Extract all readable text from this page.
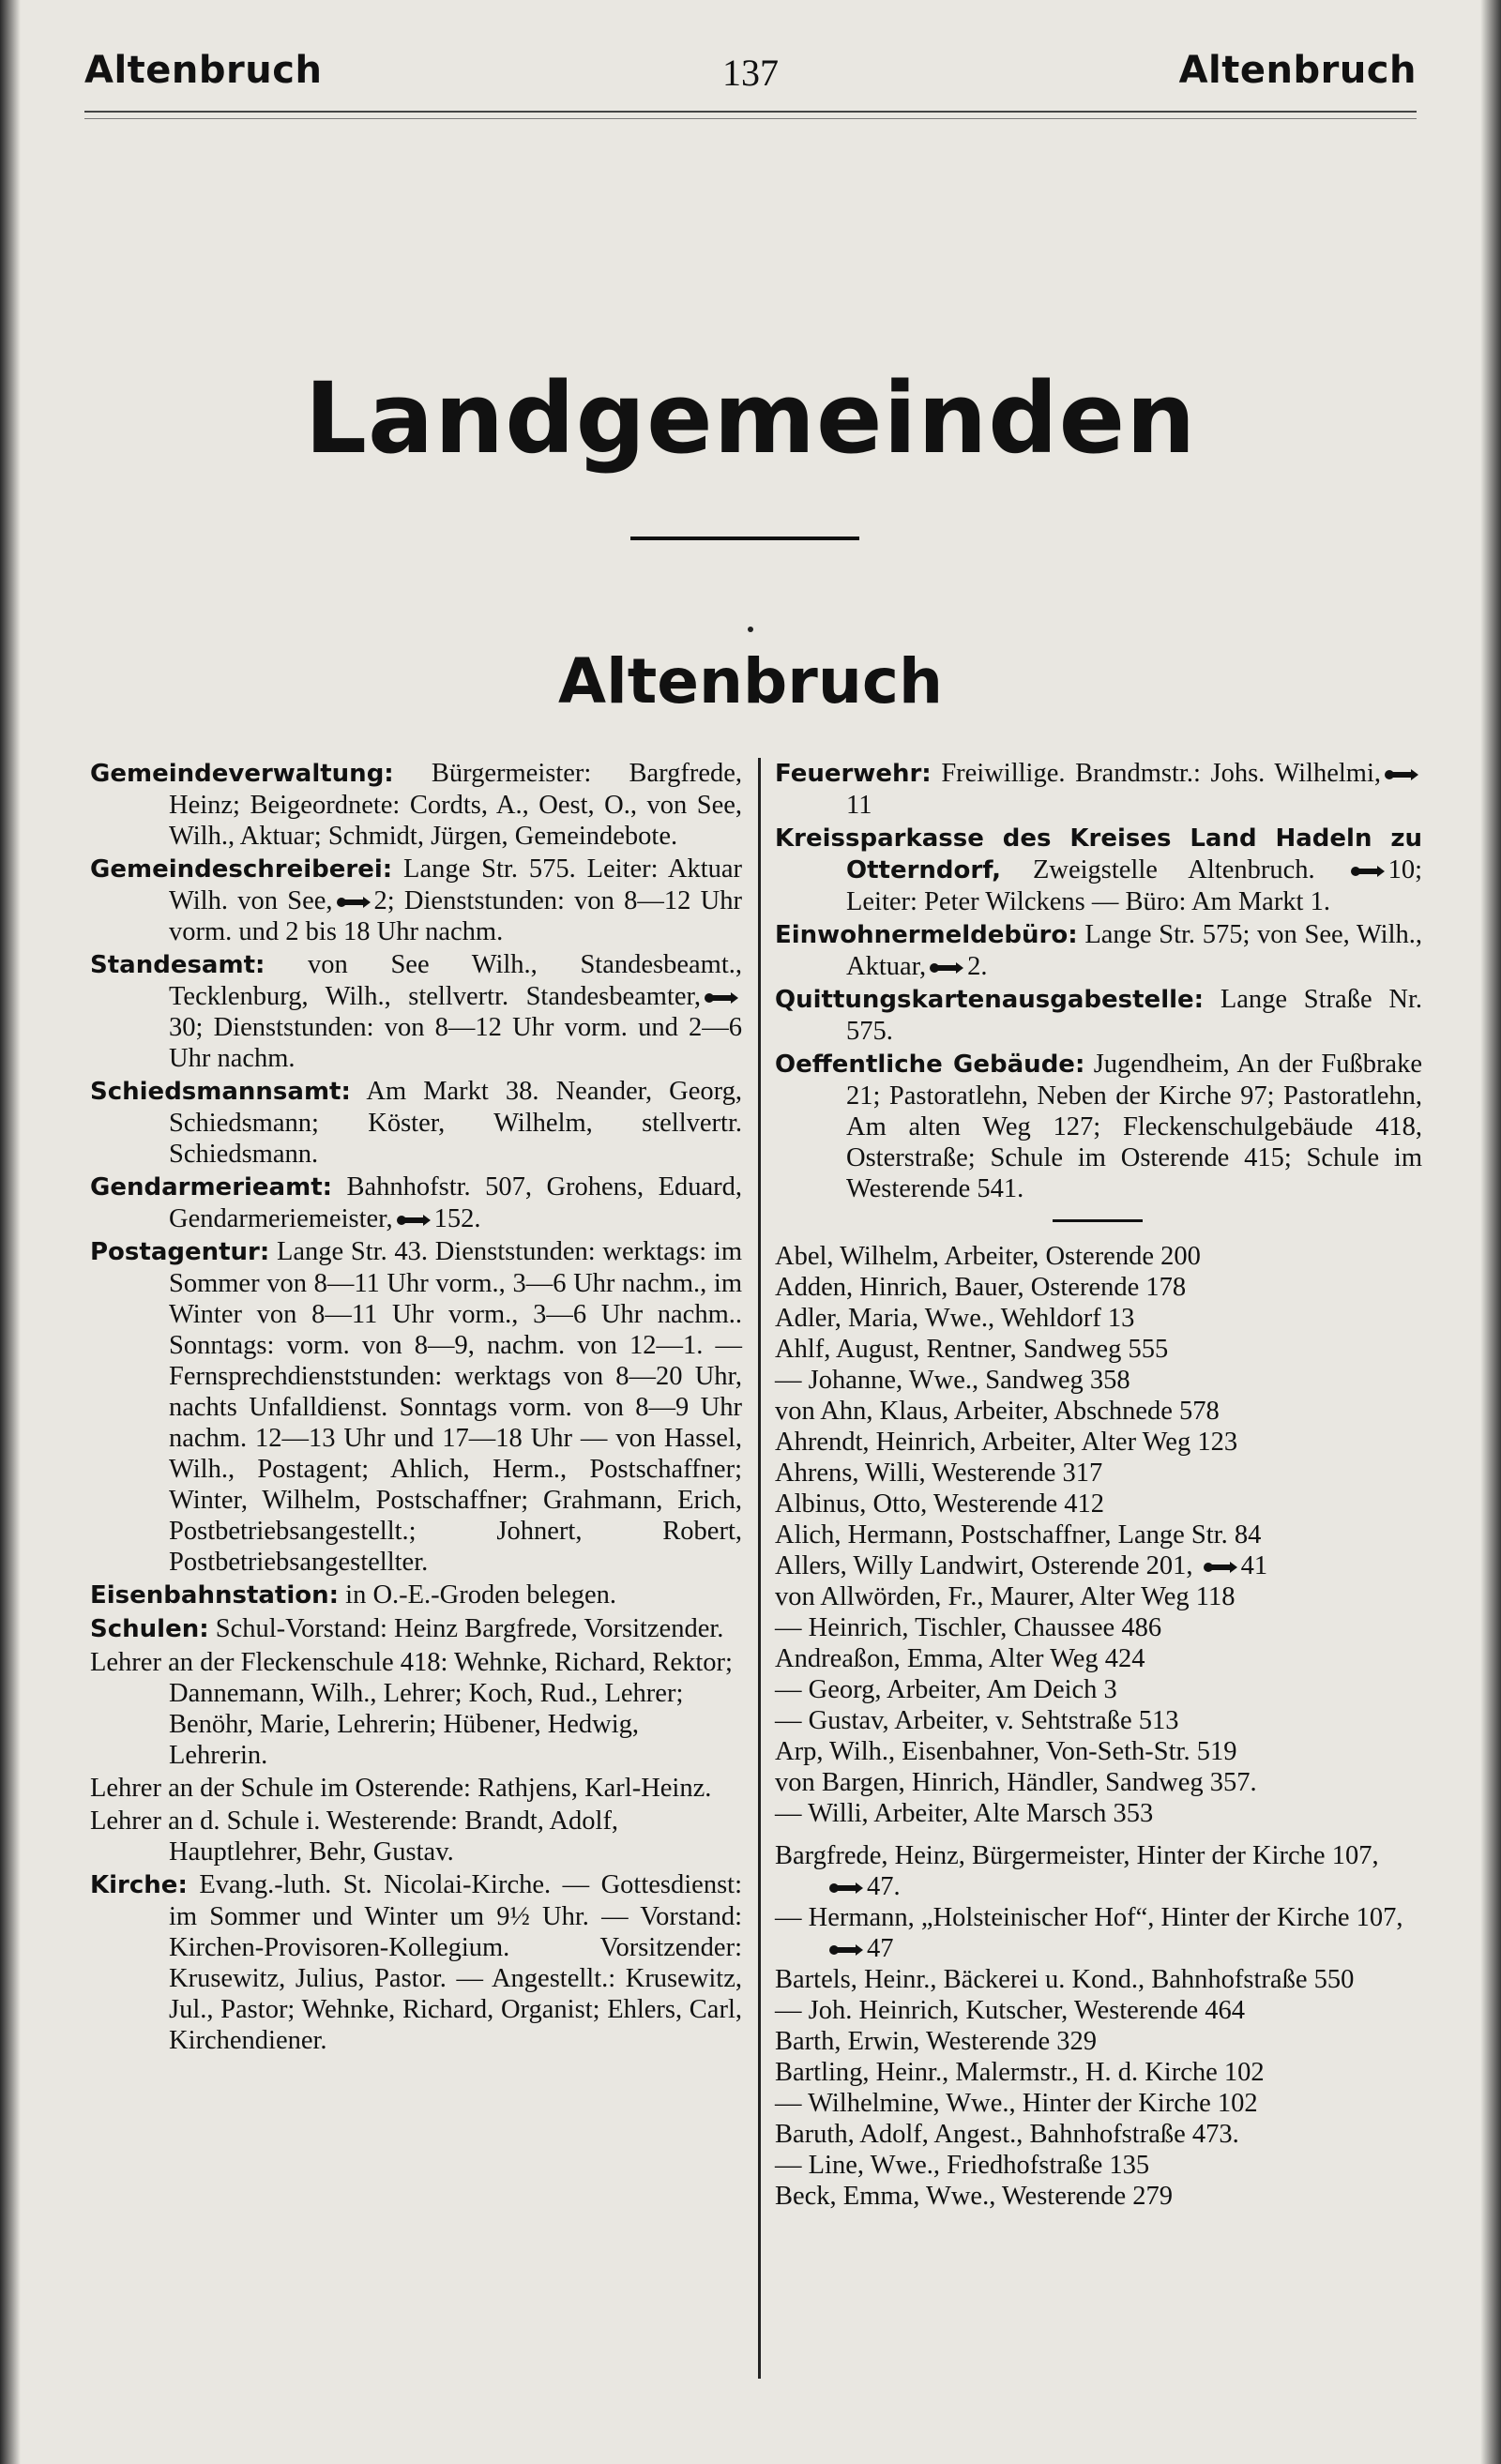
Altenbruch	137	Altenbruch
Landgemeinden
Altenbruch

Gemeindeverwaltung: Bürgermeister: Bargfrede, Heinz; Beigeordnete: Cordts, A., Oest, O., von See, Wilh., Aktuar; Schmidt, Jürgen, Gemeindebote.

Gemeindeschreiberei: Lange Str. 575. Leiter: Aktuar Wilh. von See, 2; Dienststunden: von 8—12 Uhr vorm. und 2 bis 18 Uhr nachm.

Standesamt: von See Wilh., Standesbeamt., Tecklenburg, Wilh., stellvertr. Standesbeamter,30; Dienststunden: von 8—12 Uhr vorm. und 2—6 Uhr nachm.

Schiedsmannsamt: Am Markt 38. Neander, Georg, Schiedsmann; Köster, Wilhelm, stellvertr. Schiedsmann.

Gendarmerieamt: Bahnhofstr. 507, Grohens, Eduard, Gendarmeriemeister, 152.

Postagentur: Lange Str. 43. Dienststunden: werktags: im Sommer von 8—11 Uhr vorm., 3—6 Uhr nachm., im Winter von 8—11 Uhr vorm., 3—6 Uhr nachm.. Sonntags: vorm. von 8—9, nachm. von 12—1. — Fernsprechdienststunden: werktags von 8—20 Uhr, nachts Unfalldienst. Sonntags vorm. von 8—9 Uhr nachm. 12—13 Uhr und 17—18 Uhr — von Hassel, Wilh., Postagent; Ahlich, Herm., Postschaffner; Winter, Wilhelm, Postschaffner; Grahmann, Erich, Postbetriebsangestellt.; Johnert, Robert, Postbetriebsangestellter.

Eisenbahnstation: in O.-E.-Groden belegen.

Schulen: Schul-Vorstand: Heinz Bargfrede, Vorsitzender.

Lehrer an der Fleckenschule 418: Wehnke, Richard, Rektor; Dannemann, Wilh., Lehrer; Koch, Rud., Lehrer; Benöhr, Marie, Lehrerin; Hübener, Hedwig, Lehrerin.

Lehrer an der Schule im Osterende: Rathjens, Karl-Heinz.

Lehrer an d. Schule i. Westerende: Brandt, Adolf, Hauptlehrer, Behr, Gustav.

Kirche: Evang.-luth. St. Nicolai-Kirche. — Gottesdienst: im Sommer und Winter um 9½ Uhr. — Vorstand: Kirchen-Provisoren-Kollegium. Vorsitzender: Krusewitz, Julius, Pastor. — Angestellt.: Krusewitz, Jul., Pastor; Wehnke, Richard, Organist; Ehlers, Carl, Kirchendiener.

Feuerwehr: Freiwillige. Brandmstr.: Johs. Wilhelmi,11

Kreissparkasse des Kreises Land Hadeln zu Otterndorf, Zweigstelle Altenbruch.	10; Leiter: Peter Wilckens — Büro: Am Markt 1.

Einwohnermeldebüro: Lange Str. 575; von See, Wilh., Aktuar, 2.

Quittungskartenausgabestelle: Lange Straße Nr. 575.

Oeffentliche Gebäude: Jugendheim, An der Fußbrake 21; Pastoratlehn, Neben der Kirche 97; Pastoratlehn, Am alten Weg 127; Fleckenschulgebäude 418, Osterstraße; Schule im Osterende 415; Schule im Westerende 541.

Abel, Wilhelm, Arbeiter, Osterende 200

Adden, Hinrich, Bauer, Osterende 178

Adler, Maria, Wwe., Wehldorf 13

Ahlf, August, Rentner, Sandweg 555

— Johanne, Wwe., Sandweg 358

von Ahn, Klaus, Arbeiter, Abschnede 578

Ahrendt, Heinrich, Arbeiter, Alter Weg 123

Ahrens, Willi, Westerende 317

Albinus, Otto, Westerende 412

Alich, Hermann, Postschaffner, Lange Str. 84

Allers, Willy Landwirt, Osterende 201, 41

von Allwörden, Fr., Maurer, Alter Weg 118

— Heinrich, Tischler, Chaussee 486

Andreaßon, Emma, Alter Weg 424

— Georg, Arbeiter, Am Deich 3

— Gustav, Arbeiter, v. Sehtstraße 513

Arp, Wilh., Eisenbahner, Von-Seth-Str. 519

von Bargen, Hinrich, Händler, Sandweg 357.

— Willi, Arbeiter, Alte Marsch 353

Bargfrede, Heinz, Bürgermeister, Hinter der Kirche 107, 47.

— Hermann, „Holsteinischer Hof“, Hinter der Kirche 107, 47

Bartels, Heinr., Bäckerei u. Kond., Bahnhofstraße 550

— Joh. Heinrich, Kutscher, Westerende 464

Barth, Erwin, Westerende 329

Bartling, Heinr., Malermstr., H. d. Kirche 102

— Wilhelmine, Wwe., Hinter der Kirche 102

Baruth, Adolf, Angest., Bahnhofstraße 473.

— Line, Wwe., Friedhofstraße 135

Beck, Emma, Wwe., Westerende 279
